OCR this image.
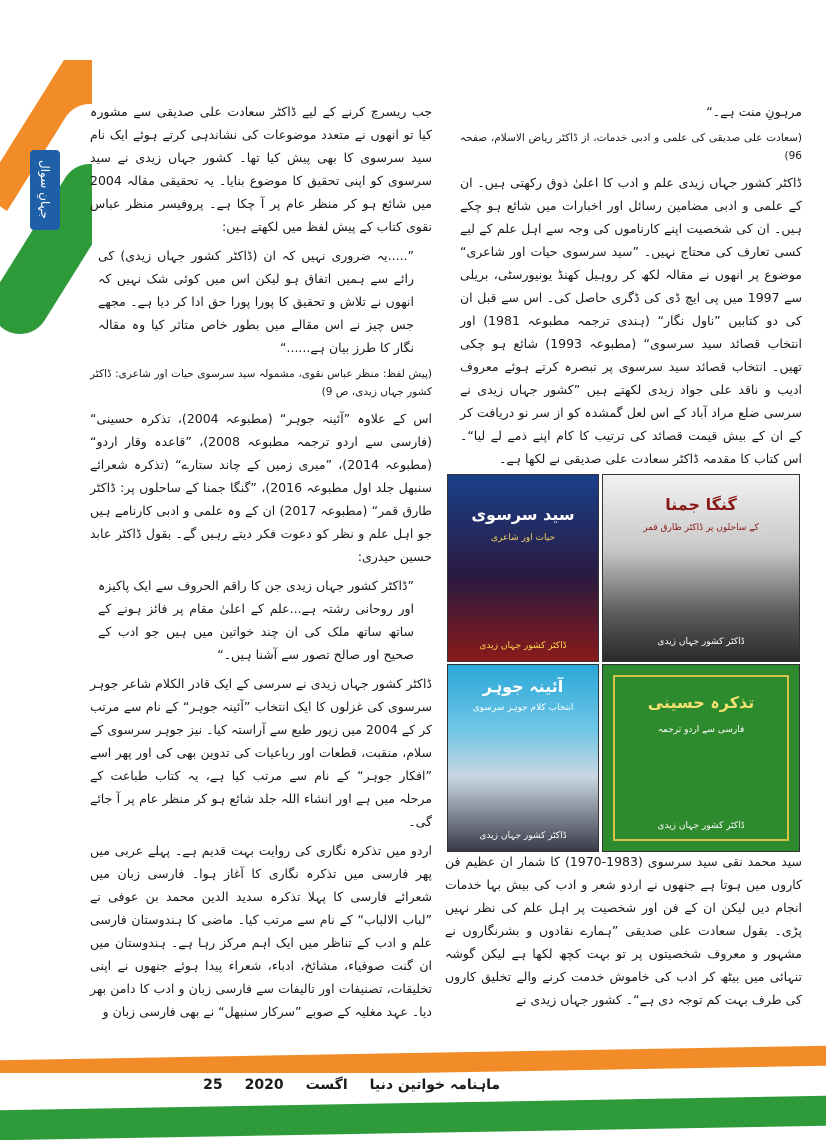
جہانِ سوال

مرہونِ منت ہے۔“

(سعادت علی صدیقی کی علمی و ادبی خدمات، از ڈاکٹر ریاض الاسلام، صفحہ 96)

ڈاکٹر کشور جہاں زیدی علم و ادب کا اعلیٰ ذوق رکھتی ہیں۔ ان کے علمی و ادبی مضامین رسائل اور اخبارات میں شائع ہو چکے ہیں۔ ان کی شخصیت اپنے کارناموں کی وجہ سے اہل علم کے لیے کسی تعارف کی محتاج نہیں۔ ”سید سرسوی حیات اور شاعری“ موضوع پر انھوں نے مقالہ لکھ کر روہیل کھنڈ یونیورسٹی، بریلی سے 1997 میں پی ایچ ڈی کی ڈگری حاصل کی۔ اس سے قبل ان کی دو کتابیں ”ناول نگار“ (ہندی ترجمہ مطبوعہ 1981) اور انتخاب قصائد سید سرسوی“ (مطبوعہ 1993) شائع ہو چکی تھیں۔ انتخاب قصائد سید سرسوی پر تبصرہ کرتے ہوئے معروف ادیب و ناقد علی جواد زیدی لکھتے ہیں ”کشور جہاں زیدی نے سرسی ضلع مراد آباد کے اس لعل گمشدہ کو از سر نو دریافت کر کے ان کے بیش قیمت قصائد کی ترتیب کا کام اپنے ذمے لے لیا“۔ اس کتاب کا مقدمہ ڈاکٹر سعادت علی صدیقی نے لکھا ہے۔

جب ریسرچ کرنے کے لیے ڈاکٹر سعادت علی صدیقی سے مشورہ کیا تو انھوں نے متعدد موضوعات کی نشاندہی کرتے ہوئے ایک نام سید سرسوی کا بھی پیش کیا تھا۔ کشور جہاں زیدی نے سید سرسوی کو اپنی تحقیق کا موضوع بنایا۔ یہ تحقیقی مقالہ 2004 میں شائع ہو کر منظر عام پر آ چکا ہے۔ پروفیسر منظر عباس نقوی کتاب کے پیش لفظ میں لکھتے ہیں:

”.....یہ ضروری نہیں کہ ان (ڈاکٹر کشور جہاں زیدی) کی رائے سے ہمیں اتفاق ہو لیکن اس میں کوئی شک نہیں کہ انھوں نے تلاش و تحقیق کا پورا پورا حق ادا کر دیا ہے۔ مجھے جس چیز نے اس مقالے میں بطور خاص متاثر کیا وہ مقالہ نگار کا طرز بیان ہے......“

(پیش لفظ: منظر عباس نقوی، مشمولہ سید سرسوی حیات اور شاعری: ڈاکٹر کشور جہاں زیدی، ص 9)

اس کے علاوہ ”آئینہ جوہر“ (مطبوعہ 2004)، تذکرہ حسینی“ (فارسی سے اردو ترجمہ مطبوعہ 2008)، ”قاعدہ وقار اردو“ (مطبوعہ 2014)، ”میری زمیں کے چاند ستارے“ (تذکرہ شعرائے سنبھل جلد اول مطبوعہ 2016)، ”گنگا جمنا کے ساحلوں پر: ڈاکٹر طارق قمر“ (مطبوعہ 2017) ان کے وہ علمی و ادبی کارنامے ہیں جو اہل علم و نظر کو دعوت فکر دیتے رہیں گے۔ بقول ڈاکٹر عابد حسین حیدری:

”ڈاکٹر کشور جہاں زیدی جن کا راقم الحروف سے ایک پاکیزہ اور روحانی رشتہ ہے...علم کے اعلیٰ مقام پر فائز ہونے کے ساتھ ساتھ ملک کی ان چند خواتین میں ہیں جو ادب کے صحیح اور صالح تصور سے آشنا ہیں۔“

ڈاکٹر کشور جہاں زیدی نے سرسی کے ایک قادر الکلام شاعر جوہر سرسوی کی غزلوں کا ایک انتخاب ”آئینہ جوہر“ کے نام سے مرتب کر کے 2004 میں زیور طبع سے آراستہ کیا۔ نیز جوہر سرسوی کے سلام، منقبت، قطعات اور رباعیات کی تدوین بھی کی اور پھر اسے ”افکار جوہر“ کے نام سے مرتب کیا ہے، یہ کتاب طباعت کے مرحلہ میں ہے اور انشاء اللہ جلد شائع ہو کر منظر عام پر آ جائے گی۔

اردو میں تذکرہ نگاری کی روایت بہت قدیم ہے۔ پہلے عربی میں پھر فارسی میں تذکرہ نگاری کا آغاز ہوا۔ فارسی زبان میں شعرائے فارسی کا پہلا تذکرہ سدید الدین محمد بن عوفی نے ”لباب الالباب“ کے نام سے مرتب کیا۔ ماضی کا ہندوستان فارسی علم و ادب کے تناظر میں ایک اہم مرکز رہا ہے۔ ہندوستان میں ان گنت صوفیاء، مشائخ، ادباء، شعراء پیدا ہوئے جنھوں نے اپنی تخلیقات، تصنیفات اور تالیفات سے فارسی زبان و ادب کا دامن بھر دیا۔ عہد مغلیہ کے صوبے ”سرکار سنبھل“ نے بھی فارسی زبان و

سید سرسوی
حیات اور شاعری
ڈاکٹر کشور جہاں زیدی
گنگا جمنا
کے ساحلوں پر ڈاکٹر طارق قمر
ڈاکٹر کشور جہاں زیدی
آئینہ جوہر
انتخاب کلام جوہر سرسوی
ڈاکٹر کشور جہاں زیدی
تذکرہ حسینی
فارسی سے اردو ترجمہ
ڈاکٹر کشور جہاں زیدی

سید محمد نقی سید سرسوی (1983-1970) کا شمار ان عظیم فن کاروں میں ہوتا ہے جنھوں نے اردو شعر و ادب کی بیش بہا خدمات انجام دیں لیکن ان کے فن اور شخصیت پر اہل علم کی نظر نہیں پڑی۔ بقول سعادت علی صدیقی ”ہمارے نقادوں و بشرنگاروں نے مشہور و معروف شخصیتوں پر تو بہت کچھ لکھا ہے لیکن گوشہ تنہائی میں بیٹھ کر ادب کی خاموش خدمت کرنے والے تخلیق کاروں کی طرف بہت کم توجہ دی ہے“۔ کشور جہاں زیدی نے

ماہنامہ خواتین دنیا
اگست
2020
25
